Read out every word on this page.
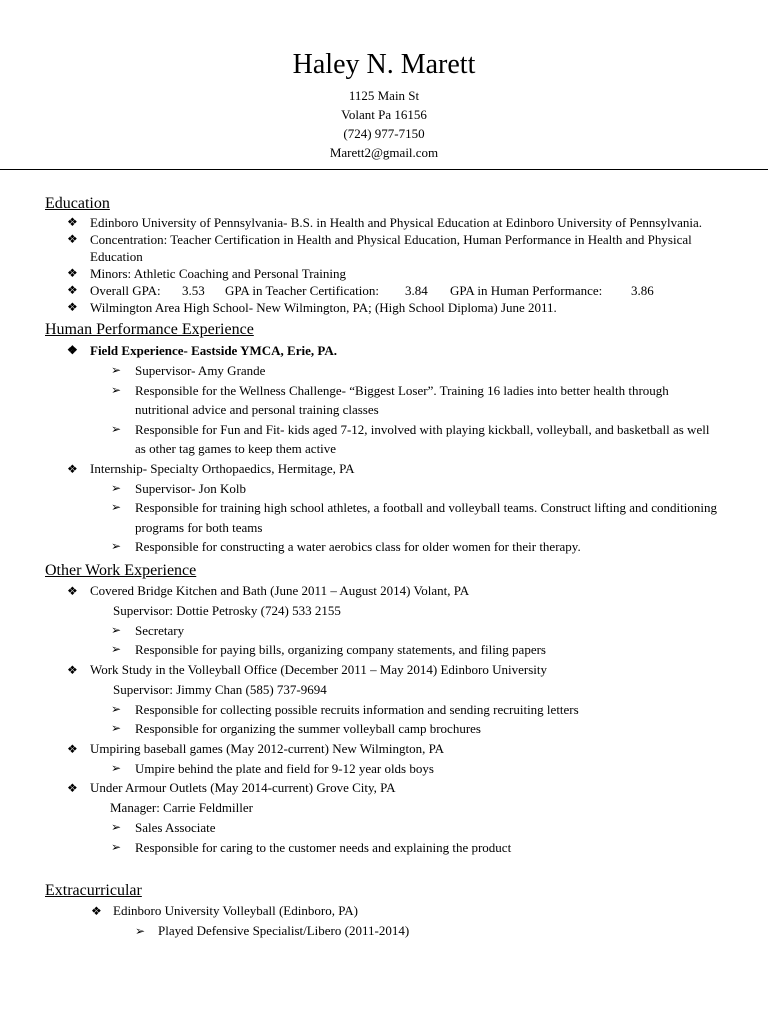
Haley N. Marett
1125 Main St
Volant Pa 16156
(724) 977-7150
Marett2@gmail.com
Education
❖ Edinboro University of Pennsylvania- B.S. in Health and Physical Education at Edinboro University of Pennsylvania.
❖ Concentration: Teacher Certification in Health and Physical Education, Human Performance in Health and Physical Education
❖ Minors: Athletic Coaching and Personal Training
❖ Overall GPA: 3.53 GPA in Teacher Certification: 3.84 GPA in Human Performance: 3.86
❖ Wilmington Area High School- New Wilmington, PA; (High School Diploma) June 2011.
Human Performance Experience
❖ Field Experience- Eastside YMCA, Erie, PA.
➢ Supervisor- Amy Grande
➢ Responsible for the Wellness Challenge- “Biggest Loser”. Training 16 ladies into better health through nutritional advice and personal training classes
➢ Responsible for Fun and Fit- kids aged 7-12, involved with playing kickball, volleyball, and basketball as well as other tag games to keep them active
❖ Internship- Specialty Orthopaedics, Hermitage, PA
➢ Supervisor- Jon Kolb
➢ Responsible for training high school athletes, a football and volleyball teams. Construct lifting and conditioning programs for both teams
➢ Responsible for constructing a water aerobics class for older women for their therapy.
Other Work Experience
❖ Covered Bridge Kitchen and Bath (June 2011 – August 2014) Volant, PA
Supervisor: Dottie Petrosky (724) 533 2155
➢ Secretary
➢ Responsible for paying bills, organizing company statements, and filing papers
❖ Work Study in the Volleyball Office (December 2011 – May 2014) Edinboro University
Supervisor: Jimmy Chan (585) 737-9694
➢ Responsible for collecting possible recruits information and sending recruiting letters
➢ Responsible for organizing the summer volleyball camp brochures
❖ Umpiring baseball games (May 2012-current) New Wilmington, PA
➢ Umpire behind the plate and field for 9-12 year olds boys
❖ Under Armour Outlets (May 2014-current) Grove City, PA
Manager: Carrie Feldmiller
➢ Sales Associate
➢ Responsible for caring to the customer needs and explaining the product
Extracurricular
❖ Edinboro University Volleyball (Edinboro, PA)
➢ Played Defensive Specialist/Libero (2011-2014)
